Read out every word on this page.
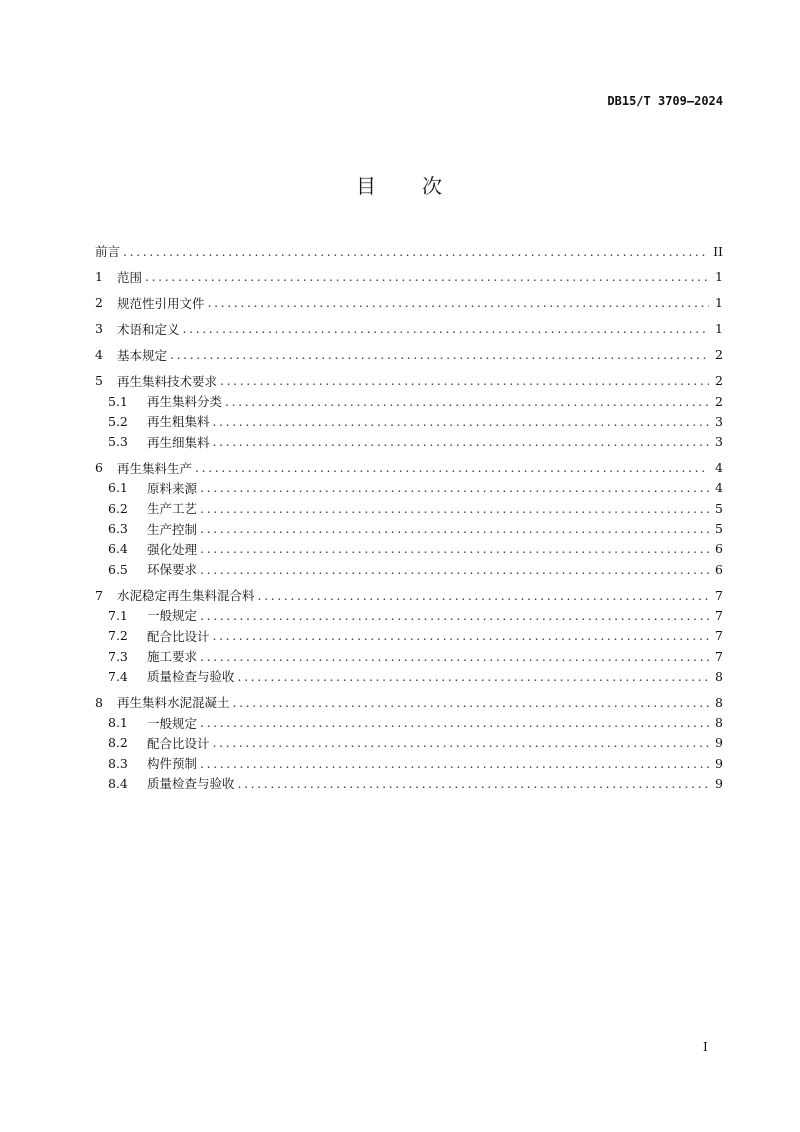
DB15/T 3709—2024
目　　次
前言 .....	II
1	范围 .....	1
2	规范性引用文件 .....	1
3	术语和定义 .....	1
4	基本规定 .....	2
5	再生集料技术要求 .....	2
5.1	再生集料分类 .....	2
5.2	再生粗集料 .....	3
5.3	再生细集料 .....	3
6	再生集料生产 .....	4
6.1	原料来源 .....	4
6.2	生产工艺 .....	5
6.3	生产控制 .....	5
6.4	强化处理 .....	6
6.5	环保要求 .....	6
7	水泥稳定再生集料混合料 .....	7
7.1	一般规定 .....	7
7.2	配合比设计 .....	7
7.3	施工要求 .....	7
7.4	质量检查与验收 .....	8
8	再生集料水泥混凝土 .....	8
8.1	一般规定 .....	8
8.2	配合比设计 .....	9
8.3	构件预制 .....	9
8.4	质量检查与验收 .....	9
I
